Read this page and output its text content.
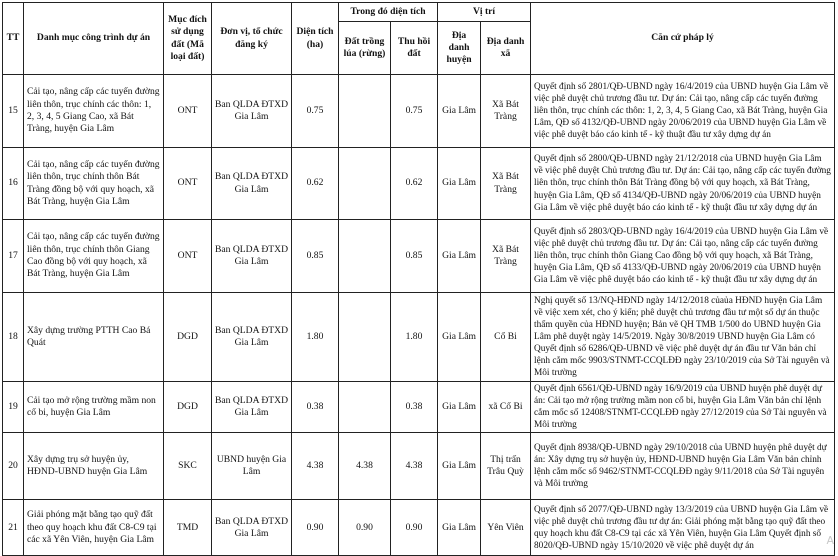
TT	Danh mục công trình dự án	Mục đích sử dụng đất (Mã loại đất)	Đơn vị, tổ chức đăng ký	Diện tích (ha)	Trong đó diện tích		Vị trí		Căn cứ pháp lý
					Đất trồng lúa (rừng)	Thu hồi đất	Địa danh huyện	Địa danh xã	
15	Cải tạo, nâng cấp các tuyến đường liên thôn, trục chính các thôn: 1, 2, 3, 4, 5 Giang Cao, xã Bát Tràng, huyện Gia Lâm	ONT	Ban QLDA ĐTXD Gia Lâm	0.75		0.75	Gia Lâm	Xã Bát Tràng	Quyết định số 2801/QĐ-UBND ngày 16/4/2019 của UBND huyện Gia Lâm về việc phê duyệt chủ trương đầu tư. Dự án: Cải tạo, nâng cấp các tuyến đường liên thôn, trục chính các thôn: 1, 2, 3, 4, 5 Giang Cao, xã Bát Tràng, huyện Gia Lâm, QĐ số 4132/QĐ-UBND ngày 20/06/2019 của UBND huyện Gia Lâm về việc phê duyệt báo cáo kinh tế - kỹ thuật đầu tư xây dựng dự án
16	Cải tạo, nâng cấp các tuyến đường liên thôn, trục chính thôn Bát Tràng đồng bộ với quy hoạch, xã Bát Tràng, huyện Gia Lâm	ONT	Ban QLDA ĐTXD Gia Lâm	0.62		0.62	Gia Lâm	Xã Bát Tràng	Quyết định số 2800/QĐ-UBND ngày 21/12/2018 của UBND huyện Gia Lâm về việc phê duyệt Chủ trương đầu tư. Dự án: Cải tạo, nâng cấp các tuyến đường liên thôn, trục chính thôn Bát Tràng đồng bộ với quy hoạch, xã Bát Tràng, huyện Gia Lâm, QĐ số 4134/QĐ-UBND ngày 20/06/2019 của UBND huyện Gia Lâm về việc phê duyệt báo cáo kinh tế - kỹ thuật đầu tư xây dựng dự án
17	Cải tạo, nâng cấp các tuyến đường liên thôn, trục chính thôn Giang Cao đồng bộ với quy hoạch, xã Bát Tràng, huyện Gia Lâm	ONT	Ban QLDA ĐTXD Gia Lâm	0.85		0.85	Gia Lâm	Xã Bát Tràng	Quyết định số 2803/QĐ-UBND ngày 16/4/2019 của UBND huyện Gia Lâm về việc phê duyệt chủ trương đầu tư. Dự án: Cải tạo, nâng cấp các tuyến đường liên thôn, trục chính thôn Giang Cao đồng bộ với quy hoạch, xã Bát Tràng, huyện Gia Lâm, QĐ số 4133/QĐ-UBND ngày 20/06/2019 của UBND huyện Gia Lâm về việc phê duyệt báo cáo kinh tế - kỹ thuật đầu tư xây dựng dự án
18	Xây dựng trường PTTH Cao Bá Quát	DGD	Ban QLDA ĐTXD Gia Lâm	1.80		1.80	Gia Lâm	Cổ Bi	Nghị quyết số 13/NQ-HĐND ngày 14/12/2018 củaủa HĐND huyện Gia Lâm về việc xem xét, cho ý kiến; phê duyệt chủ trương đầu tư một số dự án thuộc thẩm quyền của HĐND huyện; Bản vẽ QH TMB 1/500 do UBND huyện Gia Lâm phê duyệt ngày 14/5/2019. Ngày 30/8/2019 UBND huyện Gia Lâm có Quyết định số 6286/QĐ-UBND về việc phê duyệt dự án đầu tư Văn bản chỉ lệnh cắm mốc 9903/STNMT-CCQLĐĐ ngày 23/10/2019 của Sở Tài nguyên và Môi trường
19	Cải tạo mở rộng trường mầm non cổ bi, huyện Gia Lâm	DGD	Ban QLDA ĐTXD Gia Lâm	0.38		0.38	Gia Lâm	xã Cổ Bi	Quyết định 6561/QĐ-UBND ngày 16/9/2019 của UBND huyện phê duyệt dự án: Cải tạo mở rộng trường mầm non cổ bi, huyện Gia Lâm Văn bản chỉ lệnh cắm mốc số 12408/STNMT-CCQLĐĐ ngày 27/12/2019 của Sở Tài nguyên và Môi trường
20	Xây dựng trụ sở huyện ủy, HĐND-UBND huyện Gia Lâm	SKC	UBND huyện Gia Lâm	4.38	4.38	4.38	Gia Lâm	Thị trấn Trâu Quỳ	Quyết định 8938/QĐ-UBND ngày 29/10/2018 của UBND huyện phê duyệt dự án: Xây dựng trụ sở huyện ủy, HĐND-UBND huyện Gia Lâm Văn bản chỉnh lệnh cắm mốc số 9462/STNMT-CCQLĐĐ ngày 9/11/2018 của Sở Tài nguyên và Môi trường
21	Giải phóng mặt bằng tạo quỹ đất theo quy hoạch khu đất C8-C9 tại các xã Yên Viên, huyện Gia Lâm	TMD	Ban QLDA ĐTXD Gia Lâm	0.90	0.90	0.90	Gia Lâm	Yên Viên	Quyết định số 2077/QĐ-UBND ngày 13/3/2019 của UBND huyện Gia Lâm về việc phê duyệt chủ trương đầu tư dự án: Giải phóng mặt bằng tạo quỹ đất theo quy hoạch khu đất C8-C9 tại các xã Yên Viên, huyện Gia Lâm Quyết định số 8020/QĐ-UBND ngày 15/10/2020 về việc phê duyệt dự án	A
